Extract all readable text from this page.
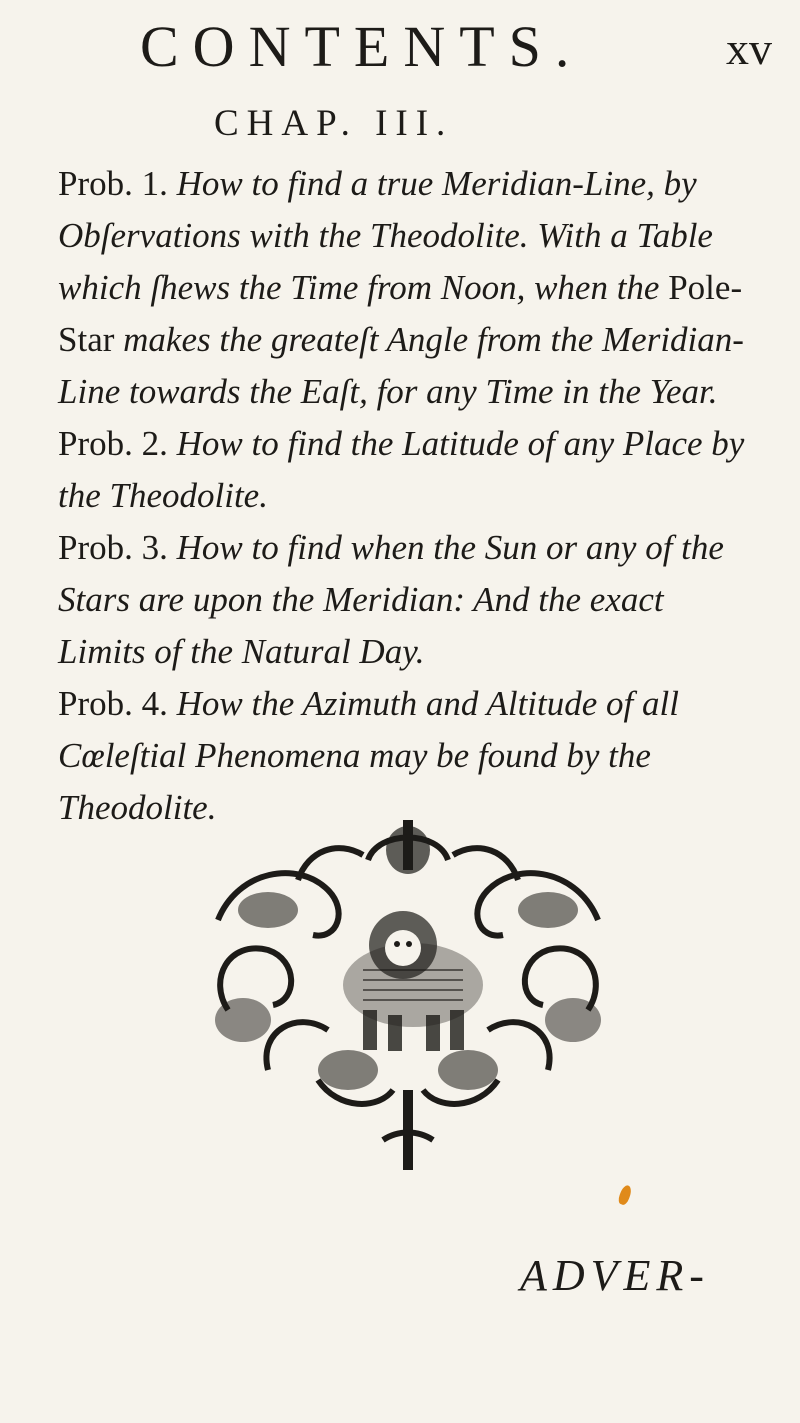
CONTENTS.	xv
CHAP. III.

Prob. 1. How to find a true Meridian-Line, by Obſervations with the Theodolite. With a Table which ſhews the Time from Noon, when the Pole-Star makes the greateſt Angle from the Meridian-Line towards the Eaſt, for any Time in the Year.

Prob. 2. How to find the Latitude of any Place by the Theodolite.

Prob. 3. How to find when the Sun or any of the Stars are upon the Meridian: And the exact Limits of the Natural Day.

Prob. 4. How the Azimuth and Altitude of all Cœleſtial Phenomena may be found by the Theodolite.

ADVER-
